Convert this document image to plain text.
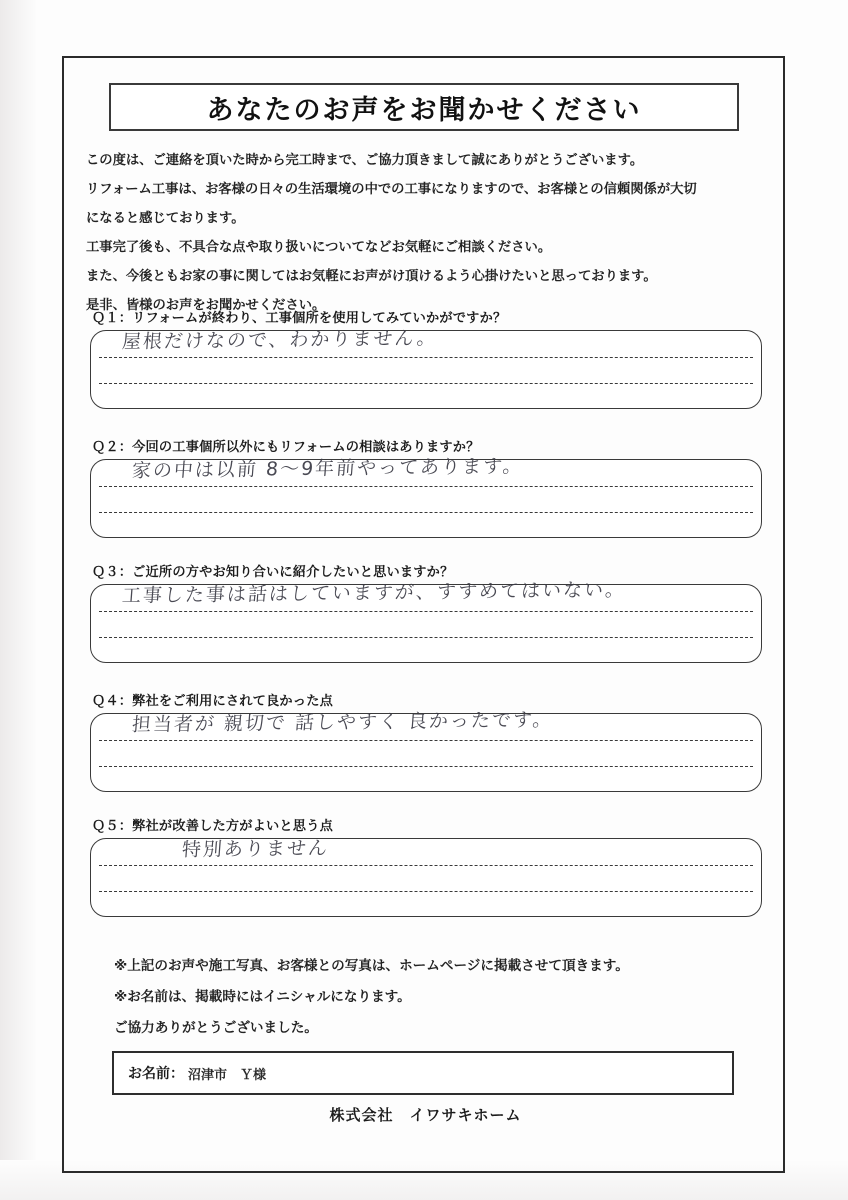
あなたのお声をお聞かせください
この度は、ご連絡を頂いた時から完工時まで、ご協力頂きまして誠にありがとうございます。
リフォーム工事は、お客様の日々の生活環境の中での工事になりますので、お客様との信頼関係が大切
になると感じております。
工事完了後も、不具合な点や取り扱いについてなどお気軽にご相談ください。
また、今後ともお家の事に関してはお気軽にお声がけ頂けるよう心掛けたいと思っております。
是非、皆様のお声をお聞かせください。
Ｑ１：リフォームが終わり、工事個所を使用してみていかがですか？
屋根だけなので、わかりません。
Ｑ２：今回の工事個所以外にもリフォームの相談はありますか？
家の中は以前 8～9年前やってあります。
Ｑ３：ご近所の方やお知り合いに紹介したいと思いますか？
工事した事は話はしていますが、すすめてはいない。
Ｑ４：弊社をご利用にされて良かった点
担当者が 親切で 話しやすく 良かったです。
Ｑ５：弊社が改善した方がよいと思う点
特別ありません
※上記のお声や施工写真、お客様との写真は、ホームページに掲載させて頂きます。
※お名前は、掲載時にはイニシャルになります。
ご協力ありがとうございました。
お名前： 沼津市　Ｙ様
株式会社　イワサキホーム
